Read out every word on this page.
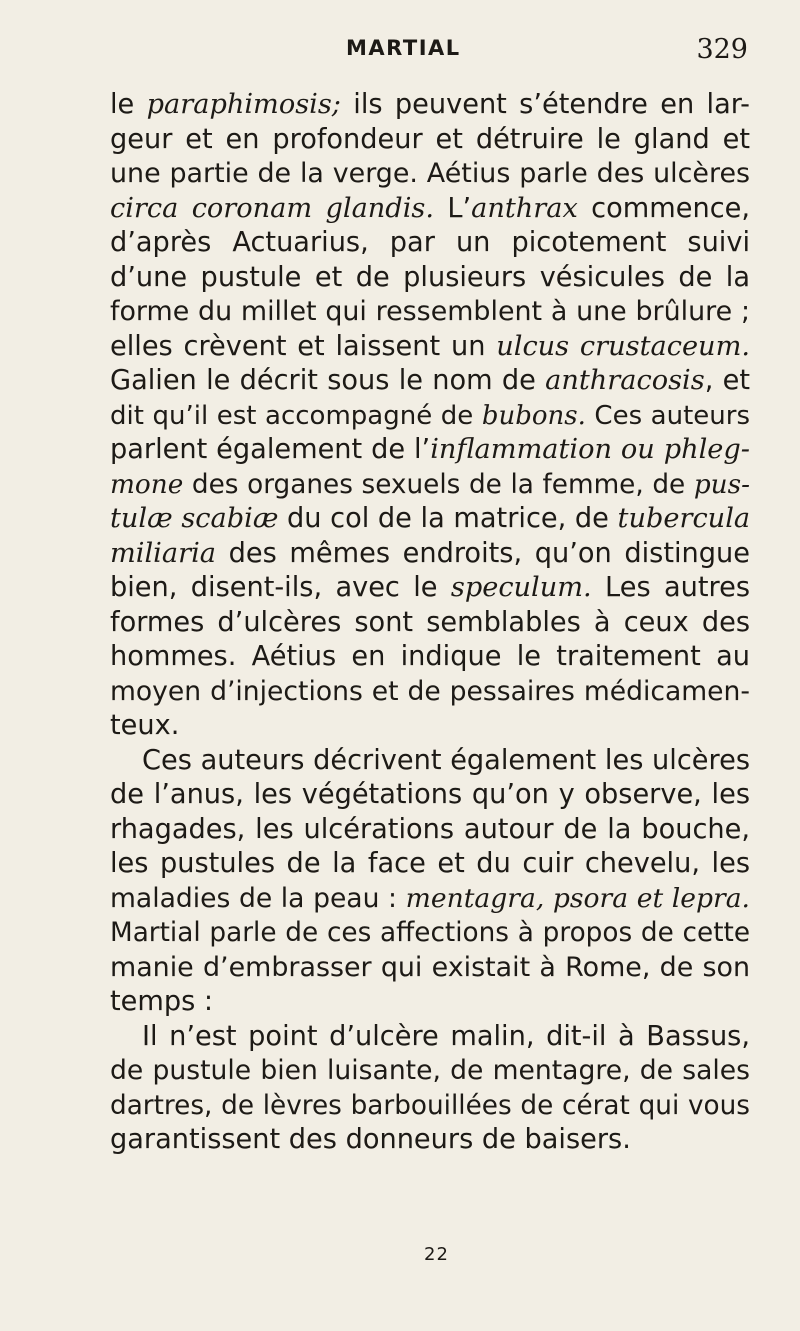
MARTIAL	329
le paraphimosis; ils peuvent s’étendre en lar-
geur et en profondeur et détruire le gland et
une partie de la verge. Aétius parle des ulcères
circa coronam glandis. L’anthrax commence,
d’après Actuarius, par un picotement suivi
d’une pustule et de plusieurs vésicules de la
forme du millet qui ressemblent à une brûlure ;
elles crèvent et laissent un ulcus crustaceum.
Galien le décrit sous le nom de anthracosis, et
dit qu’il est accompagné de bubons. Ces auteurs
parlent également de l’inflammation ou phleg-
mone des organes sexuels de la femme, de pus-
tulæ scabiæ du col de la matrice, de tubercula
miliaria des mêmes endroits, qu’on distingue
bien, disent-ils, avec le speculum. Les autres
formes d’ulcères sont semblables à ceux des
hommes. Aétius en indique le traitement au
moyen d’injections et de pessaires médicamen-
teux.
Ces auteurs décrivent également les ulcères
de l’anus, les végétations qu’on y observe, les
rhagades, les ulcérations autour de la bouche,
les pustules de la face et du cuir chevelu, les
maladies de la peau : mentagra, psora et lepra.
Martial parle de ces affections à propos de cette
manie d’embrasser qui existait à Rome, de son
temps :
Il n’est point d’ulcère malin, dit-il à Bassus,
de pustule bien luisante, de mentagre, de sales
dartres, de lèvres barbouillées de cérat qui vous
garantissent des donneurs de baisers.
22
